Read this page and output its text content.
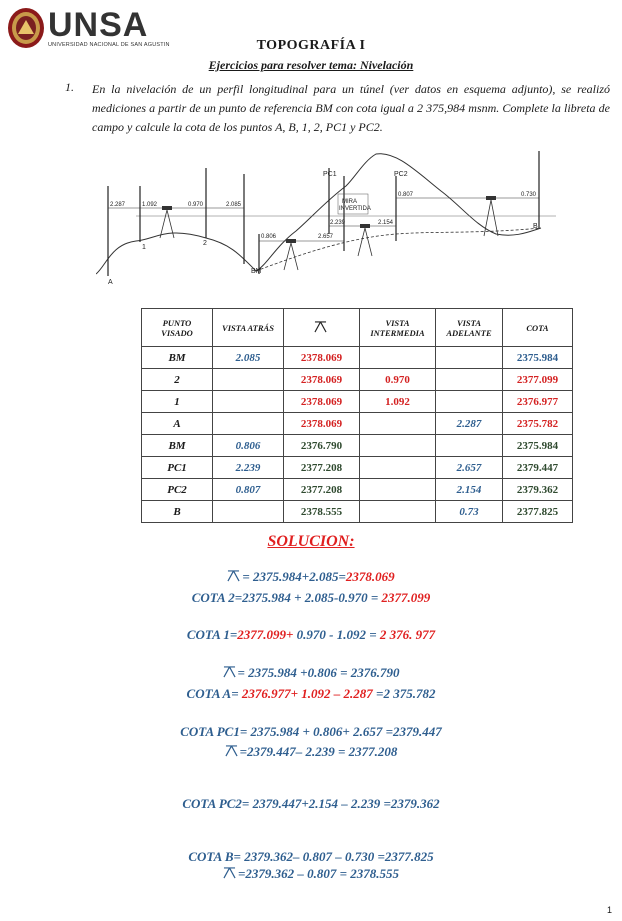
UNSA
UNIVERSIDAD NACIONAL DE SAN AGUSTIN	TOPOGRAFÍA I
Ejercicios para resolver tema: Nivelación
1. En la nivelación de un perfil longitudinal para un túnel (ver datos en esquema adjunto), se realizó mediciones a partir de un punto de referencia BM con cota igual a 2 375,984 msnm. Complete la libreta de campo y calcule la cota de los puntos A, B, 1, 2, PC1 y PC2.
MIRA
INVERTIDA
2.287	1.092	0.970	2.085
0.806	2.657
2.239	2.154
0.807	0.730
PC1	PC2
BM
A
B
1
2
PUNTO
VISADO	VISTA ATRÁS		VISTA
INTERMEDIA	VISTA
ADELANTE	COTA
BM	2.085	2378.069			2375.984
2		2378.069	0.970		2377.099
1		2378.069	1.092		2376.977
A		2378.069		2.287	2375.782
BM	0.806	2376.790			2375.984
PC1	2.239	2377.208		2.657	2379.447
PC2	0.807	2377.208		2.154	2379.362
B		2378.555		0.73	2377.825
SOLUCION:
= 2375.984+2.085=2378.069
COTA 2=2375.984 + 2.085-0.970 = 2377.099
COTA 1=2377.099+ 0.970 - 1.092 = 2 376. 977
= 2375.984 +0.806 = 2376.790
COTA A= 2376.977+ 1.092 – 2.287 =2 375.782
COTA PC1= 2375.984 + 0.806+ 2.657 =2379.447
=2379.447– 2.239 = 2377.208
COTA PC2= 2379.447+2.154 – 2.239 =2379.362
COTA B= 2379.362– 0.807 – 0.730 =2377.825
=2379.362 – 0.807 = 2378.555
1
